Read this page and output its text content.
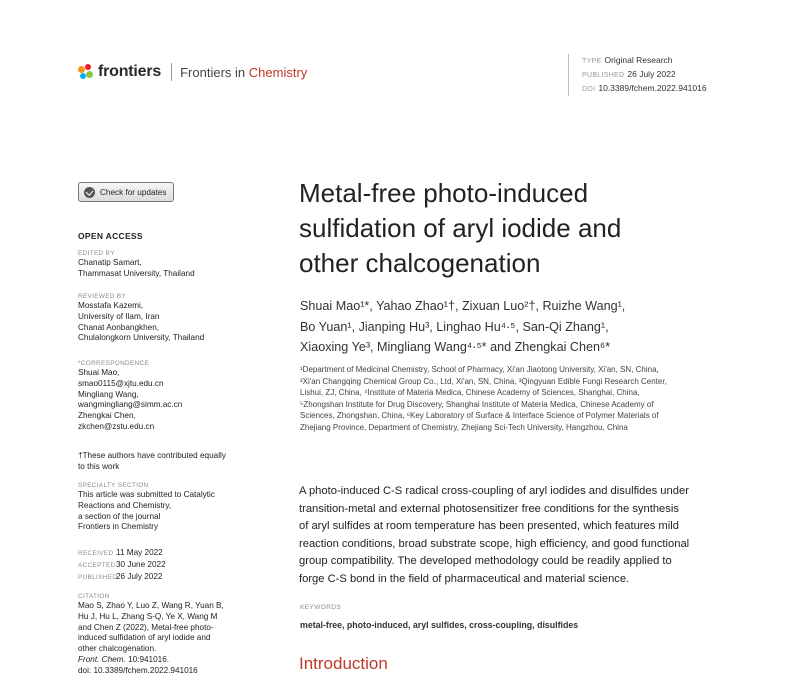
frontiers Frontiers in Chemistry
TYPE Original Research
PUBLISHED 26 July 2022
DOI 10.3389/fchem.2022.941016
Check for updates
OPEN ACCESS
EDITED BY
Chanatip Samart,
Thammasat University, Thailand
REVIEWED BY
Mosstafa Kazemi,
University of Ilam, Iran
Chanat Aonbangkhen,
Chulalongkorn University, Thailand
*CORRESPONDENCE
Shuai Mao,
smao0115@xjtu.edu.cn
Mingliang Wang,
wangmingliang@simm.ac.cn
Zhengkai Chen,
zkchen@zstu.edu.cn
†These authors have contributed equally
to this work
SPECIALTY SECTION
This article was submitted to Catalytic
Reactions and Chemistry,
a section of the journal
Frontiers in Chemistry
RECEIVED 11 May 2022
ACCEPTED30 June 2022
PUBLISHED26 July 2022
CITATION
Mao S, Zhao Y, Luo Z, Wang R, Yuan B,
Hu J, Hu L, Zhang S-Q, Ye X, Wang M
and Chen Z (2022), Metal-free photo-
induced sulfidation of aryl iodide and
other chalcogenation.
Front. Chem. 10:941016.
doi: 10.3389/fchem.2022.941016
Metal-free photo-induced
sulfidation of aryl iodide and
other chalcogenation
Shuai Mao¹*, Yahao Zhao¹†, Zixuan Luo²†, Ruizhe Wang¹,
Bo Yuan¹, Jianping Hu³, Linghao Hu⁴·⁵, San-Qi Zhang¹,
Xiaoxing Ye³, Mingliang Wang⁴·⁵* and Zhengkai Chen⁶*
¹Department of Medicinal Chemistry, School of Pharmacy, Xi'an Jiaotong University, Xi'an, SN, China,
²Xi'an Changqing Chemical Group Co., Ltd, Xi'an, SN, China, ³Qingyuan Edible Fungi Research Center,
Lishui, ZJ, China, ⁴Institute of Materia Medica, Chinese Academy of Sciences, Shanghai, China,
⁵Zhongshan Institute for Drug Discovery, Shanghai Institute of Materia Medica, Chinese Academy of
Sciences, Zhongshan, China, ⁶Key Laboratory of Surface & Interface Science of Polymer Materials of
Zhejiang Province, Department of Chemistry, Zhejiang Sci-Tech University, Hangzhou, China
A photo-induced C-S radical cross-coupling of aryl iodides and disulfides under
transition-metal and external photosensitizer free conditions for the synthesis
of aryl sulfides at room temperature has been presented, which features mild
reaction conditions, broad substrate scope, high efficiency, and good functional
group compatibility. The developed methodology could be readily applied to
forge C-S bond in the field of pharmaceutical and material science.
KEYWORDS
metal-free, photo-induced, aryl sulfides, cross-coupling, disulfides
Introduction
